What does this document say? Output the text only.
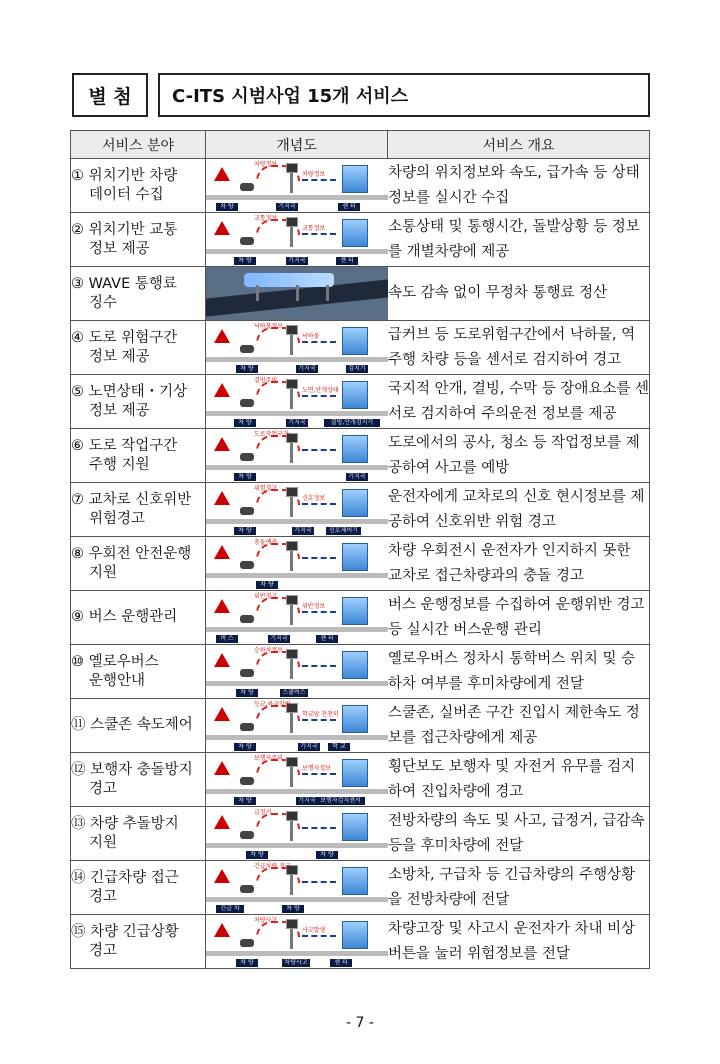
별 첨	C-ITS 시범사업 15개 서비스
서비스 분야	개념도	서비스 개요

① 위치기반 차량
데이터 수집	차량정보
차량정보
차 량 기지국 센 터	차량의 위치정보와 속도, 급가속 등 상태정보를 실시간 수집

② 위치기반 교통
정보 제공	교통정보
교통정보
차 량 기지국 센 터	소통상태 및 통행시간, 돌발상황 등 정보를 개별차량에 제공

③ WAVE 통행료
징수		속도 감속 없이 무정차 통행료 정산

④ 도로 위험구간
정보 제공	낙하물정보
낙하물
차 량 기지국 검지기	급커브 등 도로위험구간에서 낙하물, 역주행 차량 등을 센서로 검지하여 경고

⑤ 노면상태・기상
정보 제공	결빙주의
노면,안개상태
차 량 기지국 결빙,안개검지기	국지적 안개, 결빙, 수막 등 장애요소를 센서로 검지하여 주의운전 정보를 제공

⑥ 도로 작업구간
주행 지원	도로작업구간
차 량 기지국	도로에서의 공사, 청소 등 작업정보를 제공하여 사고를 예방

⑦ 교차로 신호위반
위험경고	위험경고
신호정보
차 량 기지국 신호제어기	운전자에게 교차로의 신호 현시정보를 제공하여 신호위반 위험 경고

⑧ 우회전 안전운행
지원	충돌예측
차 량	차량 우회전시 운전자가 인지하지 못한 교차로 접근차량과의 충돌 경고

⑨ 버스 운행관리	위반경고
위반정보
버 스 기지국 센 터	버스 운행정보를 수집하여 운행위반 경고 등 실시간 버스운행 관리

⑩ 옐로우버스
운행안내	승하차정보
차 량 스쿨버스	옐로우버스 정차시 통학버스 위치 및 승하차 여부를 후미차량에게 전달

⑪ 스쿨존 속도제어	등교,하교알림
학교앞 천천히
차 량 기지국 학 교	스쿨존, 실버존 구간 진입시 제한속도 정보를 접근차량에게 제공

⑫ 보행자 충돌방지
경고	보행자주의
보행자정보
차 량 기지국 보행자검지센서	횡단보도 보행자 및 자전거 유무를 검지하여 진입차량에 경고

⑬ 차량 추돌방지
지원	급정거
차 량 차 량	전방차량의 속도 및 사고, 급정거, 급감속 등을 후미차량에 전달

⑭ 긴급차량 접근
경고	긴급차량 접근
긴급 차 차 량	소방차, 구급차 등 긴급차량의 주행상황을 전방차량에 전달

⑮ 차량 긴급상황
경고	차량사고
사고발생
차 량 차량사고 센 터	차량고장 및 사고시 운전자가 차내 비상버튼을 눌러 위험정보를 전달
- 7 -
